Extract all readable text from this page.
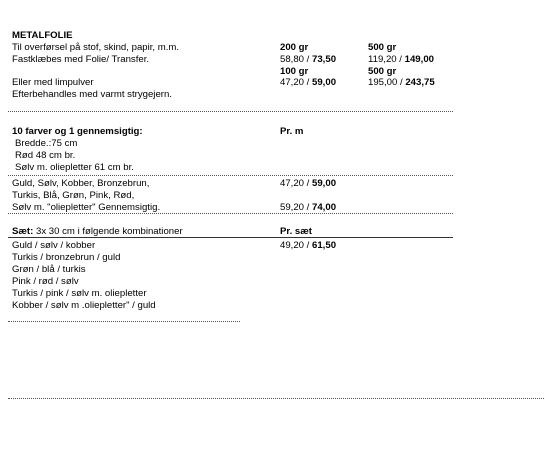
METALFOLIE
Til overførsel på stof, skind, papir, m.m.
Fastklæbes med Folie/ Transfer.
Eller med limpulver
Efterbehandles med varmt strygejern.
200 gr
58,80 / 73,50
100 gr
47,20 / 59,00
500 gr
119,20 / 149,00
500 gr
195,00 / 243,75
10 farver og 1 gennemsigtig:	Pr. m
Bredde.:75 cm
Rød 48 cm br.
Sølv m. oliepletter 61 cm br.
Guld, Sølv, Kobber, Bronzebrun,
Turkis, Blå, Grøn, Pink, Rød,
Sølv m. "oliepletter" Gennemsigtig.
47,20 / 59,00
59,20 / 74,00
Sæt: 3x 30 cm i følgende kombinationer	Pr. sæt
Guld / sølv / kobber
Turkis / bronzebrun / guld
Grøn / blå / turkis
Pink / rød / sølv
Turkis / pink / sølv m. oliepletter
Kobber / sølv m .oliepletter" / guld
49,20 / 61,50
